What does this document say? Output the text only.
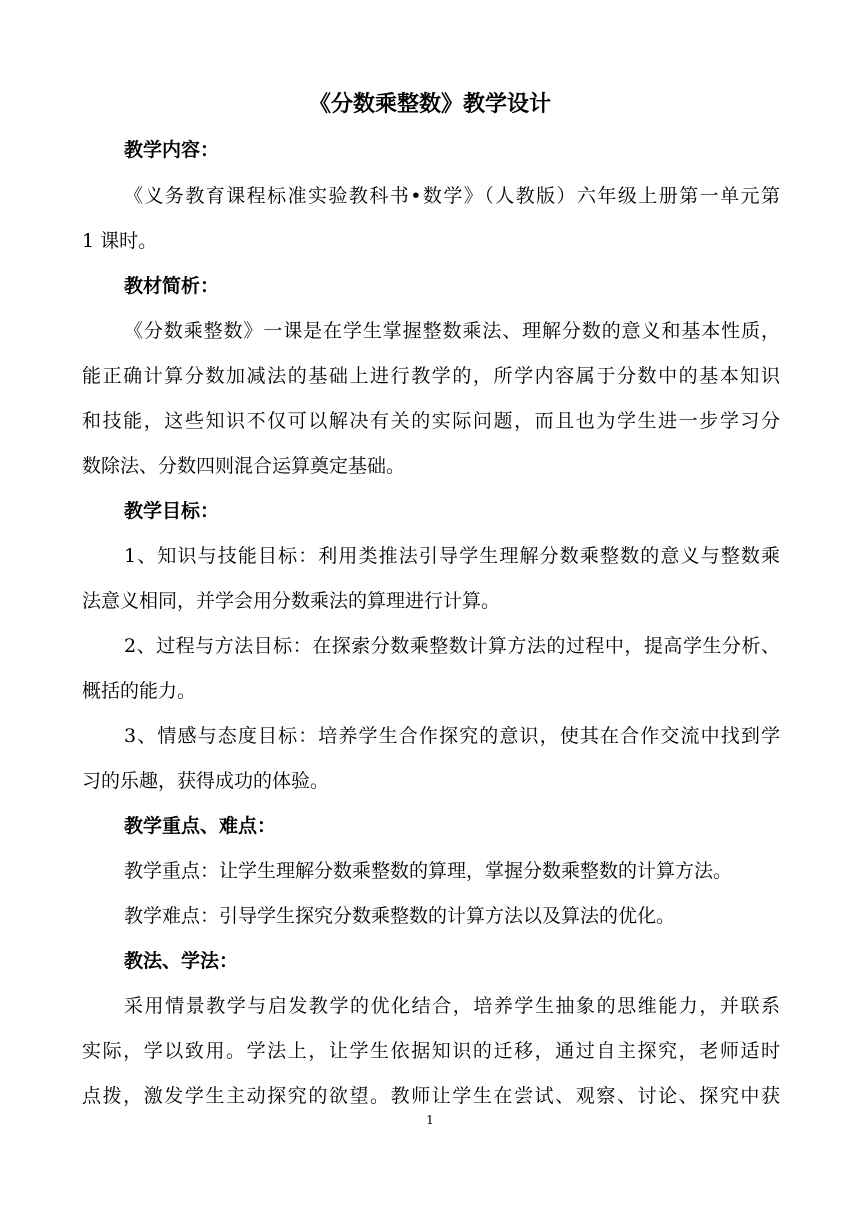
《分数乘整数》教学设计
教学内容：
《义务教育课程标准实验教科书•数学》（人教版）六年级上册第一单元第
1 课时。
教材简析：
《分数乘整数》一课是在学生掌握整数乘法、理解分数的意义和基本性质，
能正确计算分数加减法的基础上进行教学的，所学内容属于分数中的基本知识
和技能，这些知识不仅可以解决有关的实际问题，而且也为学生进一步学习分
数除法、分数四则混合运算奠定基础。
教学目标：
1、知识与技能目标：利用类推法引导学生理解分数乘整数的意义与整数乘
法意义相同，并学会用分数乘法的算理进行计算。
2、过程与方法目标：在探索分数乘整数计算方法的过程中，提高学生分析、
概括的能力。
3、情感与态度目标：培养学生合作探究的意识，使其在合作交流中找到学
习的乐趣，获得成功的体验。
教学重点、难点：
教学重点：让学生理解分数乘整数的算理，掌握分数乘整数的计算方法。
教学难点：引导学生探究分数乘整数的计算方法以及算法的优化。
教法、学法：
采用情景教学与启发教学的优化结合，培养学生抽象的思维能力，并联系
实际，学以致用。学法上，让学生依据知识的迁移，通过自主探究，老师适时
点拨，激发学生主动探究的欲望。教师让学生在尝试、观察、讨论、探究中获
1
